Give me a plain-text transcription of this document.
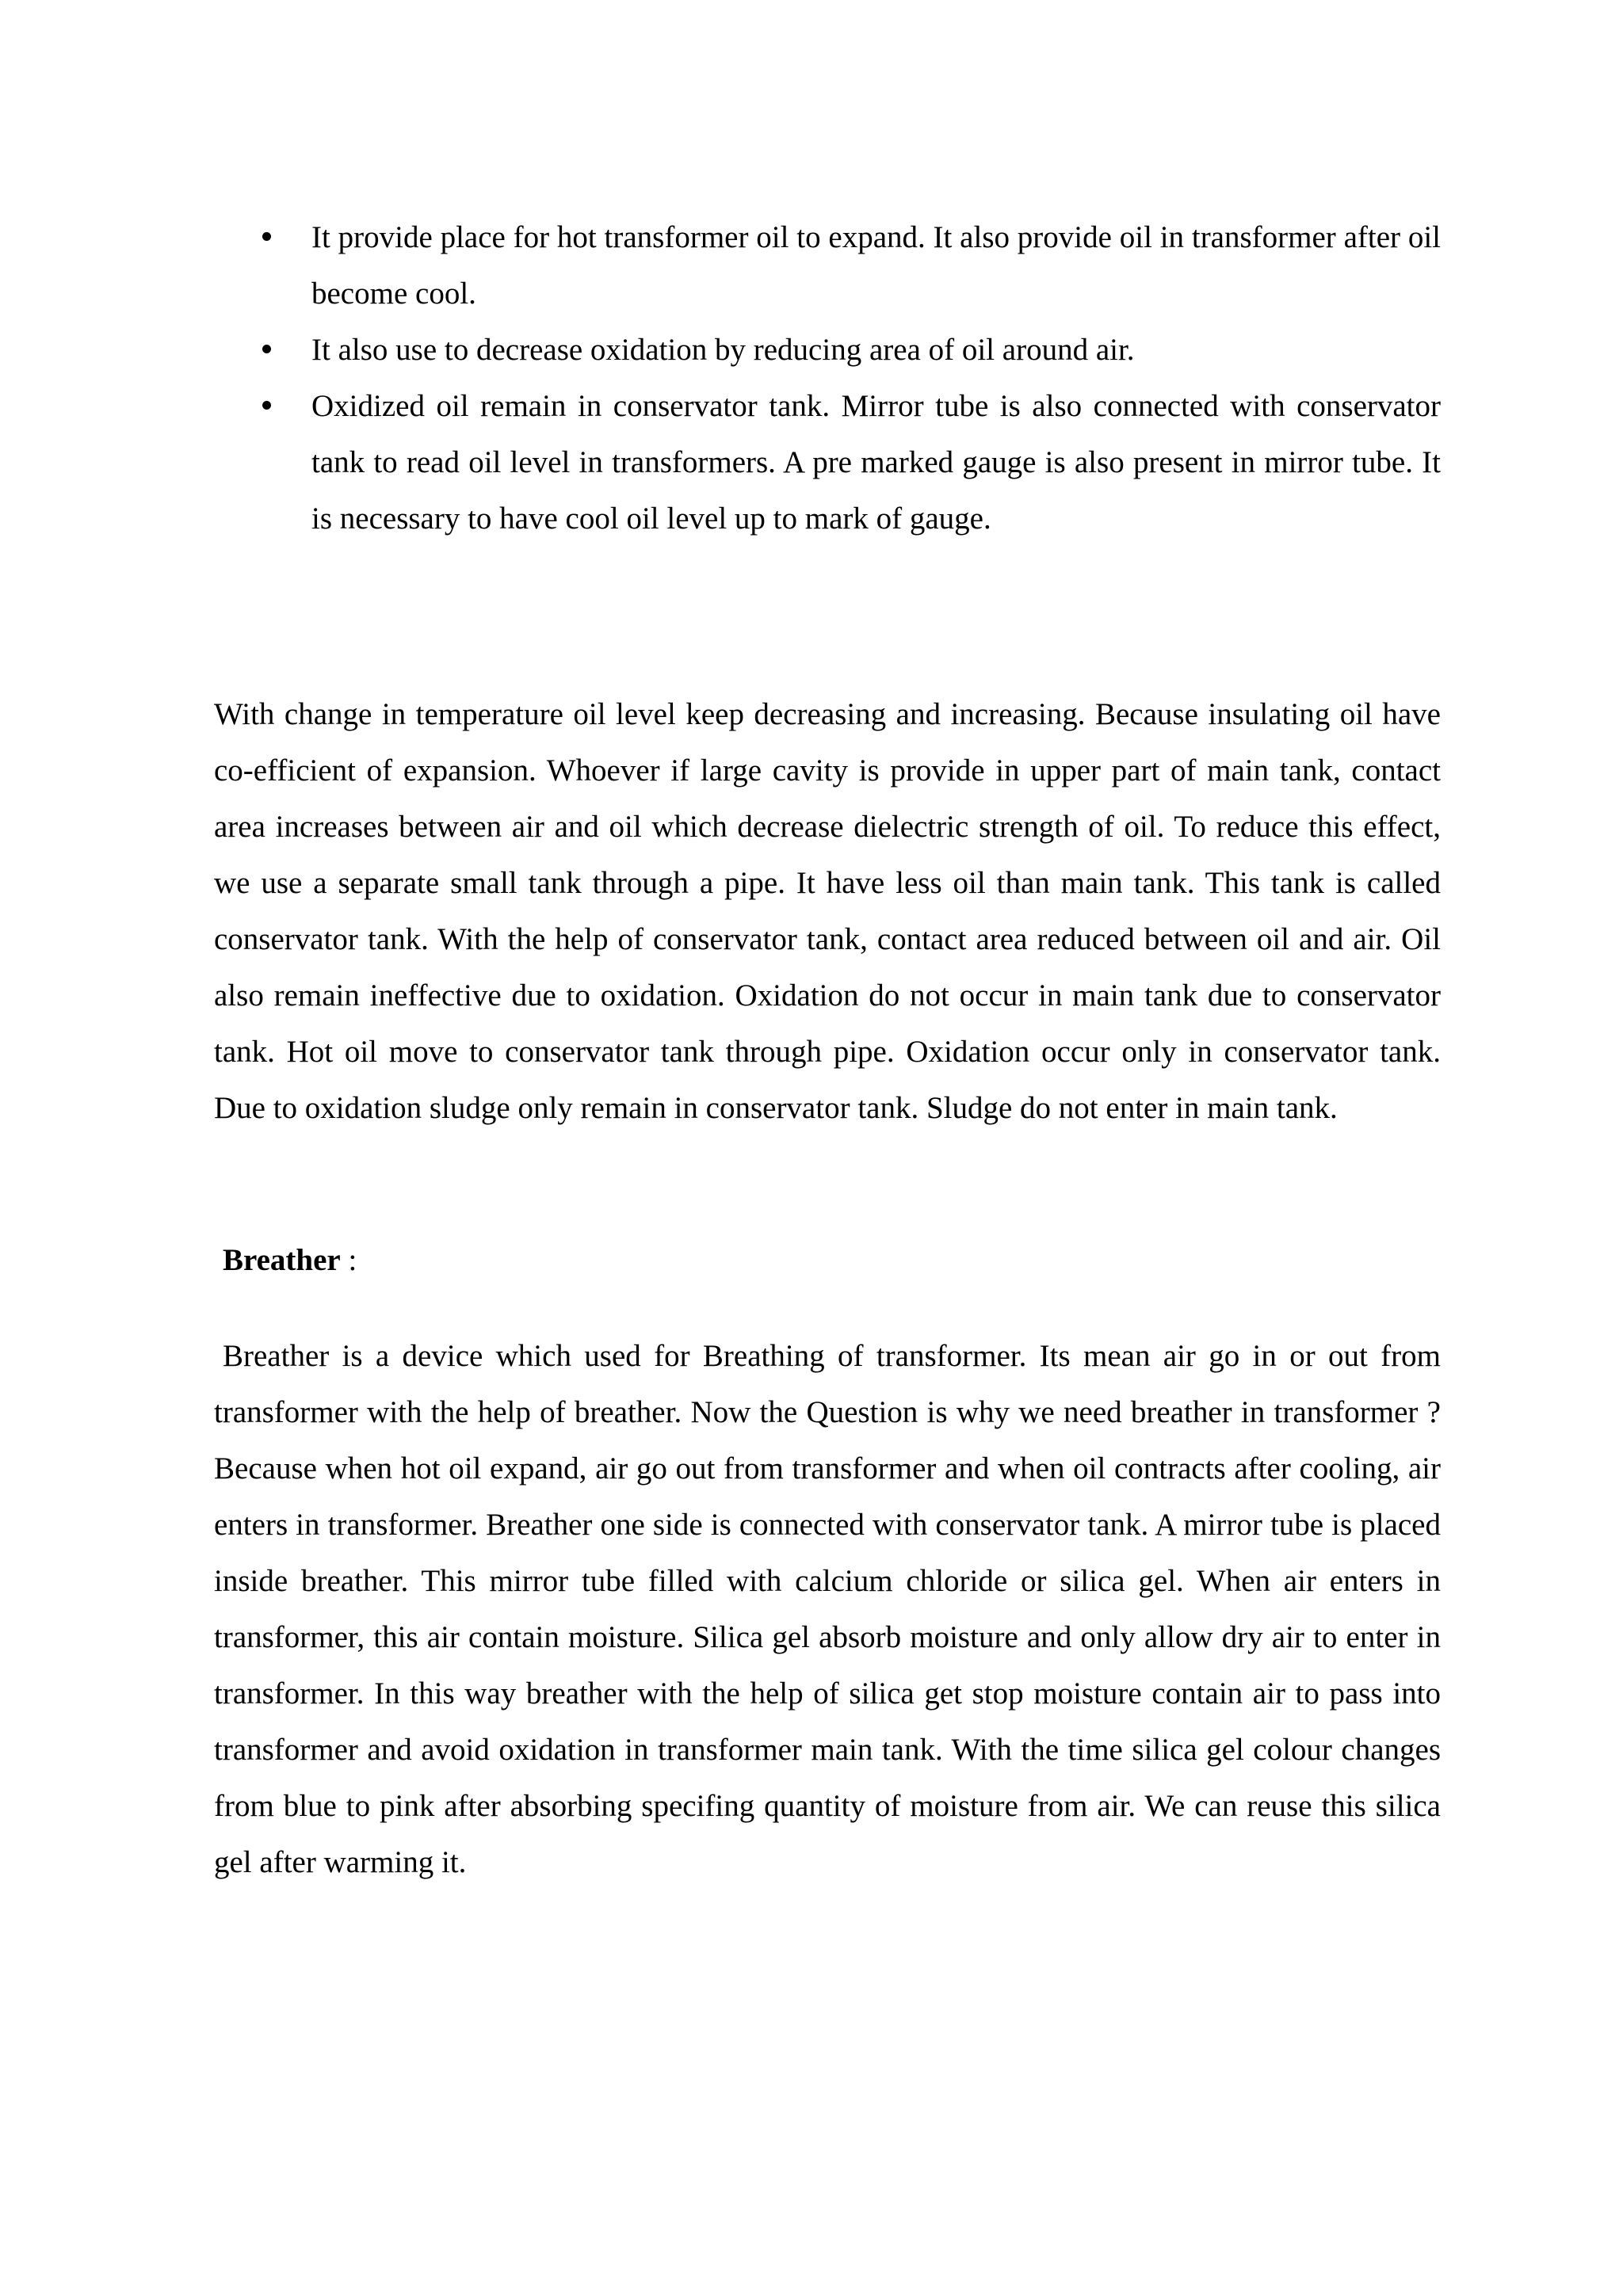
It provide place for hot transformer oil to expand. It also provide oil in transformer after oil become cool.
It also use to decrease oxidation by reducing area of oil around air.
Oxidized oil remain in conservator tank. Mirror tube is also connected with conservator tank to read oil level in transformers. A pre marked gauge is also present in mirror tube. It is necessary to have cool oil level up to mark of gauge.

With change in temperature oil level keep decreasing and increasing. Because insulating oil have co-efficient of expansion. Whoever if large cavity is provide in upper part of main tank, contact area increases between air and oil which decrease dielectric strength of oil. To reduce this effect, we use a separate small tank through a pipe. It have less oil than main tank. This tank is called conservator tank. With the help of conservator tank, contact area reduced between oil and air. Oil also remain ineffective due to oxidation. Oxidation do not occur in main tank due to conservator tank. Hot oil move to conservator tank through pipe. Oxidation occur only in conservator tank. Due to oxidation sludge only remain in conservator tank. Sludge do not enter in main tank.

Breather :

Breather is a device which used for Breathing of transformer. Its mean air go in or out from transformer with the help of breather. Now the Question is why we need breather in transformer ? Because when hot oil expand, air go out from transformer and when oil contracts after cooling, air enters in transformer. Breather one side is connected with conservator tank. A mirror tube is placed inside breather. This mirror tube filled with calcium chloride or silica gel. When air enters in transformer, this air contain moisture. Silica gel absorb moisture and only allow dry air to enter in transformer. In this way breather with the help of silica get stop moisture contain air to pass into transformer and avoid oxidation in transformer main tank. With the time silica gel colour changes from blue to pink after absorbing specifing quantity of moisture from air. We can reuse this silica gel after warming it.
